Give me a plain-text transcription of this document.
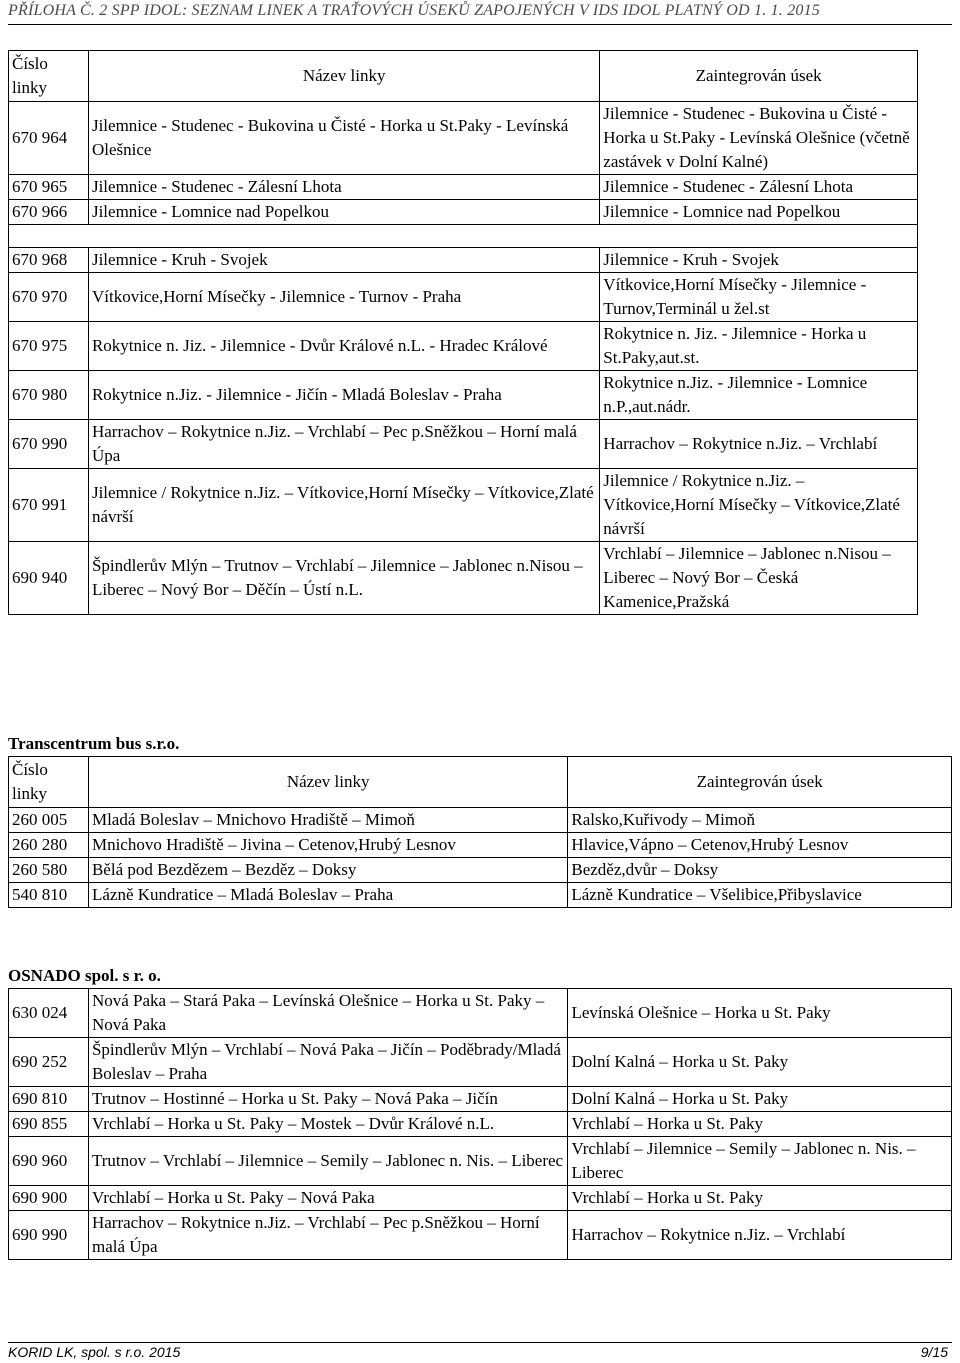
PŘÍLOHA Č. 2 SPP IDOL: SEZNAM LINEK A TRAŤOVÝCH ÚSEKŮ ZAPOJENÝCH V IDS IDOL PLATNÝ OD 1. 1. 2015
Číslo linky	Název linky	Zaintegrován úsek
670 964	Jilemnice - Studenec - Bukovina u Čisté - Horka u St.Paky - Levínská Olešnice	Jilemnice - Studenec - Bukovina u Čisté - Horka u St.Paky - Levínská Olešnice (včetně zastávek v Dolní Kalné)
670 965	Jilemnice - Studenec - Zálesní Lhota	Jilemnice - Studenec - Zálesní Lhota
670 966	Jilemnice - Lomnice nad Popelkou	Jilemnice - Lomnice nad Popelkou

670 968	Jilemnice - Kruh - Svojek	Jilemnice - Kruh - Svojek
670 970	Vítkovice,Horní Mísečky - Jilemnice - Turnov - Praha	Vítkovice,Horní Mísečky - Jilemnice - Turnov,Terminál u žel.st
670 975	Rokytnice n. Jiz. - Jilemnice - Dvůr Králové n.L. - Hradec Králové	Rokytnice n. Jiz. - Jilemnice - Horka u St.Paky,aut.st.
670 980	Rokytnice n.Jiz. - Jilemnice - Jičín - Mladá Boleslav - Praha	Rokytnice n.Jiz. - Jilemnice - Lomnice n.P.,aut.nádr.
670 990	Harrachov – Rokytnice n.Jiz. – Vrchlabí – Pec p.Sněžkou – Horní malá Úpa	Harrachov – Rokytnice n.Jiz. – Vrchlabí
670 991	Jilemnice / Rokytnice n.Jiz. – Vítkovice,Horní Mísečky – Vítkovice,Zlaté návrší	Jilemnice / Rokytnice n.Jiz. – Vítkovice,Horní Mísečky – Vítkovice,Zlaté návrší
690 940	Špindlerův Mlýn – Trutnov – Vrchlabí – Jilemnice – Jablonec n.Nisou – Liberec – Nový Bor – Děčín – Ústí n.L.	Vrchlabí – Jilemnice – Jablonec n.Nisou – Liberec – Nový Bor – Česká Kamenice,Pražská
Transcentrum bus s.r.o.
Číslo linky	Název linky	Zaintegrován úsek
260 005	Mladá Boleslav – Mnichovo Hradiště – Mimoň	Ralsko,Kuřivody – Mimoň
260 280	Mnichovo Hradiště – Jivina – Cetenov,Hrubý Lesnov	Hlavice,Vápno – Cetenov,Hrubý Lesnov
260 580	Bělá pod Bezdězem – Bezděz – Doksy	Bezděz,dvůr – Doksy
540 810	Lázně Kundratice – Mladá Boleslav – Praha	Lázně Kundratice – Všelibice,Přibyslavice
OSNADO spol. s r. o.
630 024	Nová Paka – Stará Paka – Levínská Olešnice – Horka u St. Paky – Nová Paka	Levínská Olešnice – Horka u St. Paky
690 252	Špindlerův Mlýn – Vrchlabí – Nová Paka – Jičín – Poděbrady/Mladá Boleslav – Praha	Dolní Kalná – Horka u St. Paky
690 810	Trutnov – Hostinné – Horka u St. Paky – Nová Paka – Jičín	Dolní Kalná – Horka u St. Paky
690 855	Vrchlabí – Horka u St. Paky – Mostek – Dvůr Králové n.L.	Vrchlabí – Horka u St. Paky
690 960	Trutnov – Vrchlabí – Jilemnice – Semily – Jablonec n. Nis. – Liberec	Vrchlabí – Jilemnice – Semily – Jablonec n. Nis. – Liberec
690 900	Vrchlabí – Horka u St. Paky – Nová Paka	Vrchlabí – Horka u St. Paky
690 990	Harrachov – Rokytnice n.Jiz. – Vrchlabí – Pec p.Sněžkou – Horní malá Úpa	Harrachov – Rokytnice n.Jiz. – Vrchlabí
KORID LK, spol. s r.o. 2015	9/15
